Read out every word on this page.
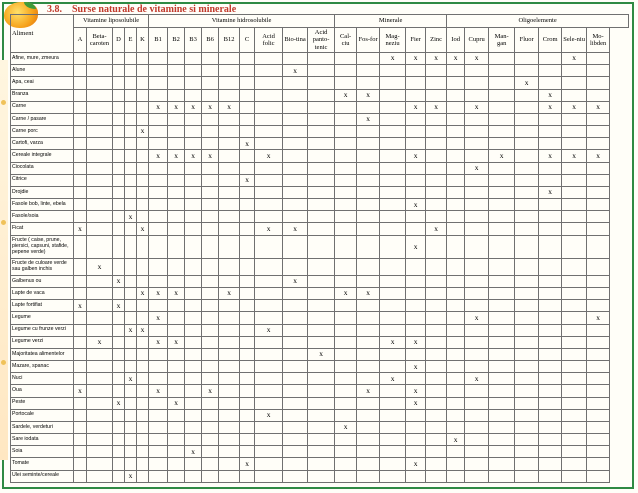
3.8. Surse naturale de vitamine si minerale
Aliment	Vitamine liposolubile					Vitamine hidrosolubile									Minerale					Oligoelemente						
	A	Beta-caroten	D	E	K	B1	B2	B3	B6	B12	C	Acid folic	Bio-tina	Acid panto-tenic	Cal-ciu	Fos-for	Mag-neziu	Fier	Zinc	Iod	Cupru	Man-gan	Fluor	Crom	Sele-niu	Mo-libden
Afine, mure, zmeura																	x	x	x	x	x				x	
Alune													x													
Apa, ceai																							x			
Branza															x	x								x		
Carne						x	x	x	x	x								x	x		x			x	x	x
Carne / pasare																x										
Carne porc					x																					
Cartofi, varza											x															
Cereale integrale						x	x	x	x			x						x				x		x	x	x
Ciocolata																					x					
Citrice											x															
Drojdie																								x		
Fasole bob, linte, ebela																		x								
Fasole/soia				x																						
Ficat	x				x							x	x						x							
Fructe ( caise, prune, piersici, capsuni, stafide, pepene verde)																		x								
Fructe de culoare verde sau galben inchis		x																								
Galbenus ou			x										x													
Lapte de vaca					x	x	x			x					x	x										
Lapte fortifiat	x		x																							
Legume						x															x					x
Legume cu frunze verzi				x	x							x														
Legume verzi		x				x	x										x	x								
Majoritatea alimentelor														x												
Mazare, spanac																		x								
Nuci				x													x				x					
Oua	x					x			x							x		x								
Peste			x				x											x								
Portocale												x														
Sardele, verdeturi															x											
Sare iodata																				x						
Soia								x																		
Tomate											x							x								
Ulei seminte/cereale				x																						
